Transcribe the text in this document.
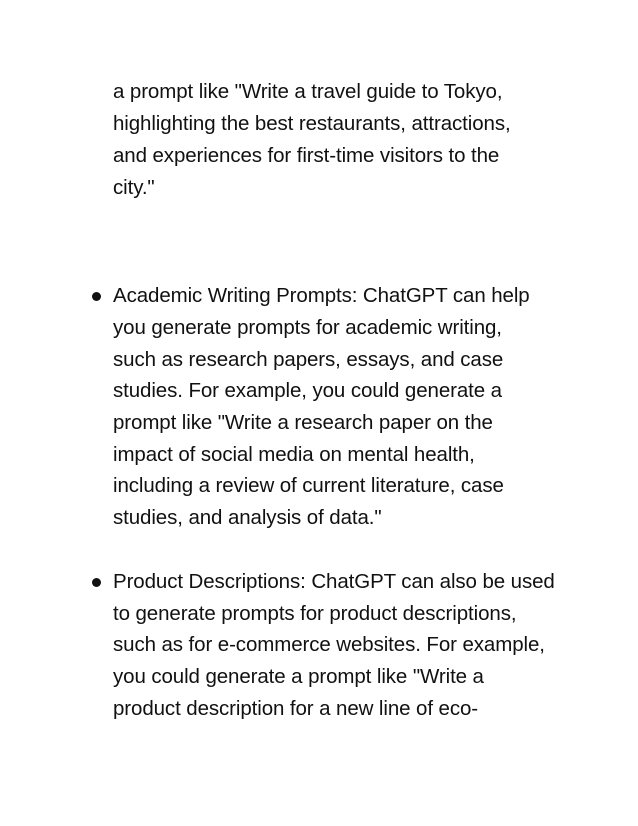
a prompt like "Write a travel guide to Tokyo,

highlighting the best restaurants, attractions,

and experiences for first-time visitors to the

city."

Academic Writing Prompts: ChatGPT can help

you generate prompts for academic writing,

such as research papers, essays, and case

studies. For example, you could generate a

prompt like "Write a research paper on the

impact of social media on mental health,

including a review of current literature, case

studies, and analysis of data."

Product Descriptions: ChatGPT can also be used

to generate prompts for product descriptions,

such as for e-commerce websites. For example,

you could generate a prompt like "Write a

product description for a new line of eco-
